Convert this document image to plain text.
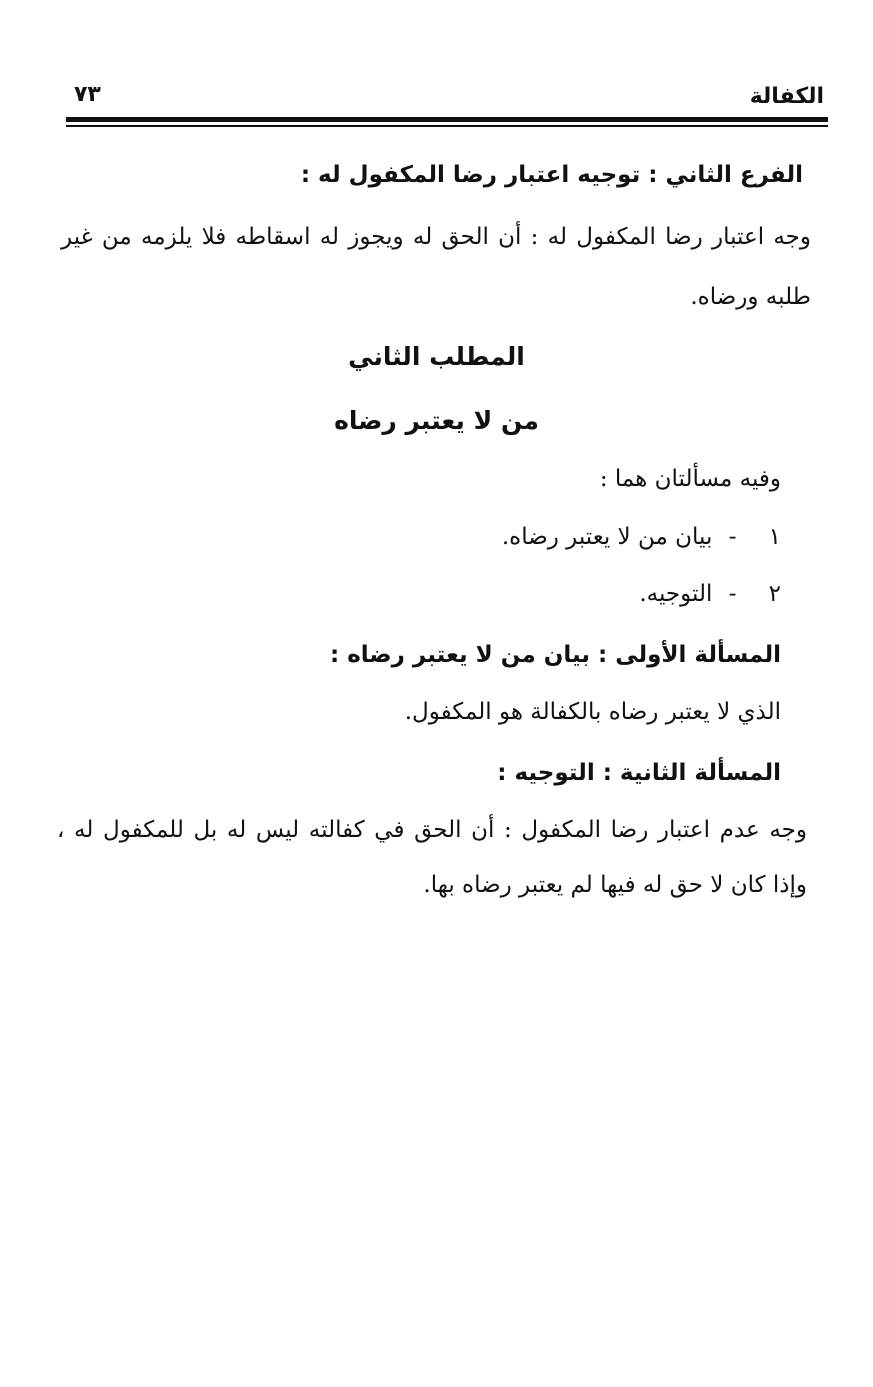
الكفالة
٧٣
الفرع الثاني : توجيه اعتبار رضا المكفول له :
وجه اعتبار رضا المكفول له : أن الحق له ويجوز له اسقاطه فلا يلزمه من غير
طلبه ورضاه.
المطلب الثاني
من لا يعتبر رضاه
وفيه مسألتان هما :
١ - بيان من لا يعتبر رضاه.
٢ - التوجيه.
المسألة الأولى : بيان من لا يعتبر رضاه :
الذي لا يعتبر رضاه بالكفالة هو المكفول.
المسألة الثانية : التوجيه :
وجه عدم اعتبار رضا المكفول : أن الحق في كفالته ليس له بل للمكفول له ،
وإذا كان لا حق له فيها لم يعتبر رضاه بها.
